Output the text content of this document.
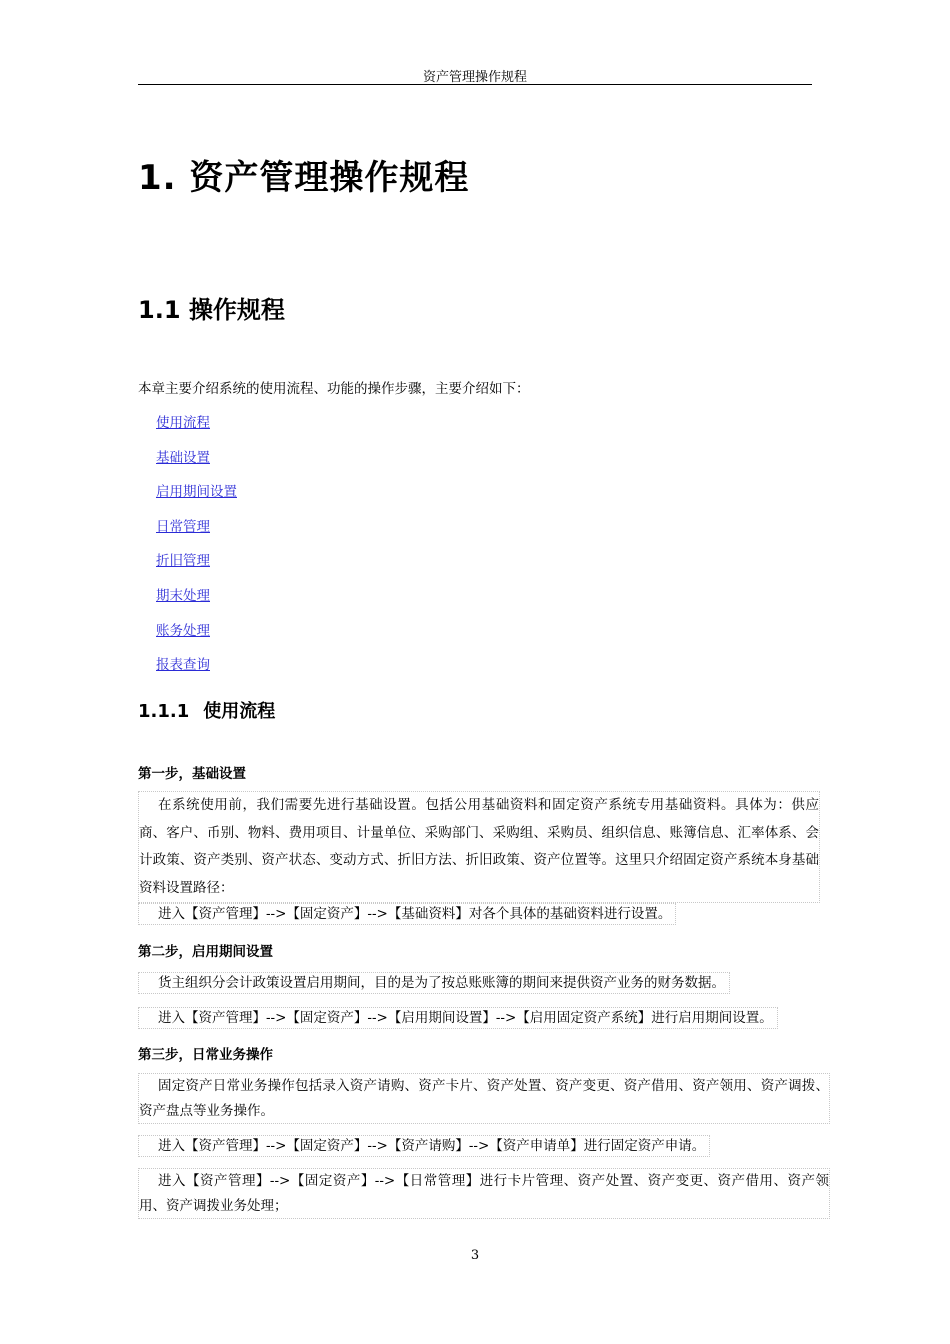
资产管理操作规程
1. 资产管理操作规程
1.1 操作规程
本章主要介绍系统的使用流程、功能的操作步骤，主要介绍如下：
使用流程
基础设置
启用期间设置
日常管理
折旧管理
期末处理
账务处理
报表查询
1.1.1 使用流程
第一步，基础设置
在系统使用前，我们需要先进行基础设置。包括公用基础资料和固定资产系统专用基础资料。具体为：供应商、客户、币别、物料、费用项目、计量单位、采购部门、采购组、采购员、组织信息、账簿信息、汇率体系、会计政策、资产类别、资产状态、变动方式、折旧方法、折旧政策、资产位置等。这里只介绍固定资产系统本身基础资料设置路径：
进入【资产管理】-->【固定资产】-->【基础资料】对各个具体的基础资料进行设置。
第二步，启用期间设置
货主组织分会计政策设置启用期间，目的是为了按总账账簿的期间来提供资产业务的财务数据。
进入【资产管理】-->【固定资产】-->【启用期间设置】-->【启用固定资产系统】进行启用期间设置。
第三步，日常业务操作
固定资产日常业务操作包括录入资产请购、资产卡片、资产处置、资产变更、资产借用、资产领用、资产调拨、资产盘点等业务操作。
进入【资产管理】-->【固定资产】-->【资产请购】-->【资产申请单】进行固定资产申请。
进入【资产管理】-->【固定资产】-->【日常管理】进行卡片管理、资产处置、资产变更、资产借用、资产领用、资产调拨业务处理；
3
